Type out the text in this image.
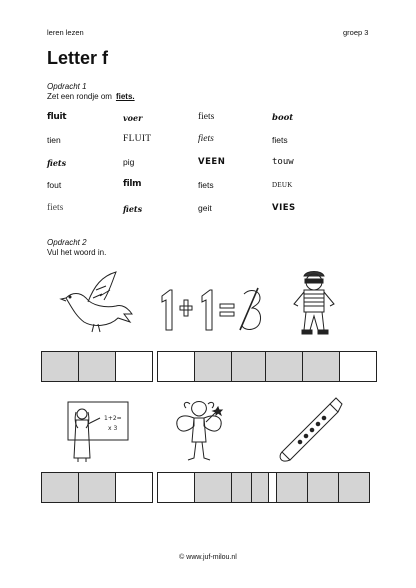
leren lezen	groep 3
Letter f
Opdracht 1
Zet een rondje om fiets.
fluit	voer	fiets	boot
tien	FLUIT	fiets	fiets
fiets	pig	VEEN	touw
fout	film	fiets	DEUK
fiets	fiets	geit	VIES
Opdracht 2
Vul het woord in.
1+2=
x 3
© www.juf-milou.nl
